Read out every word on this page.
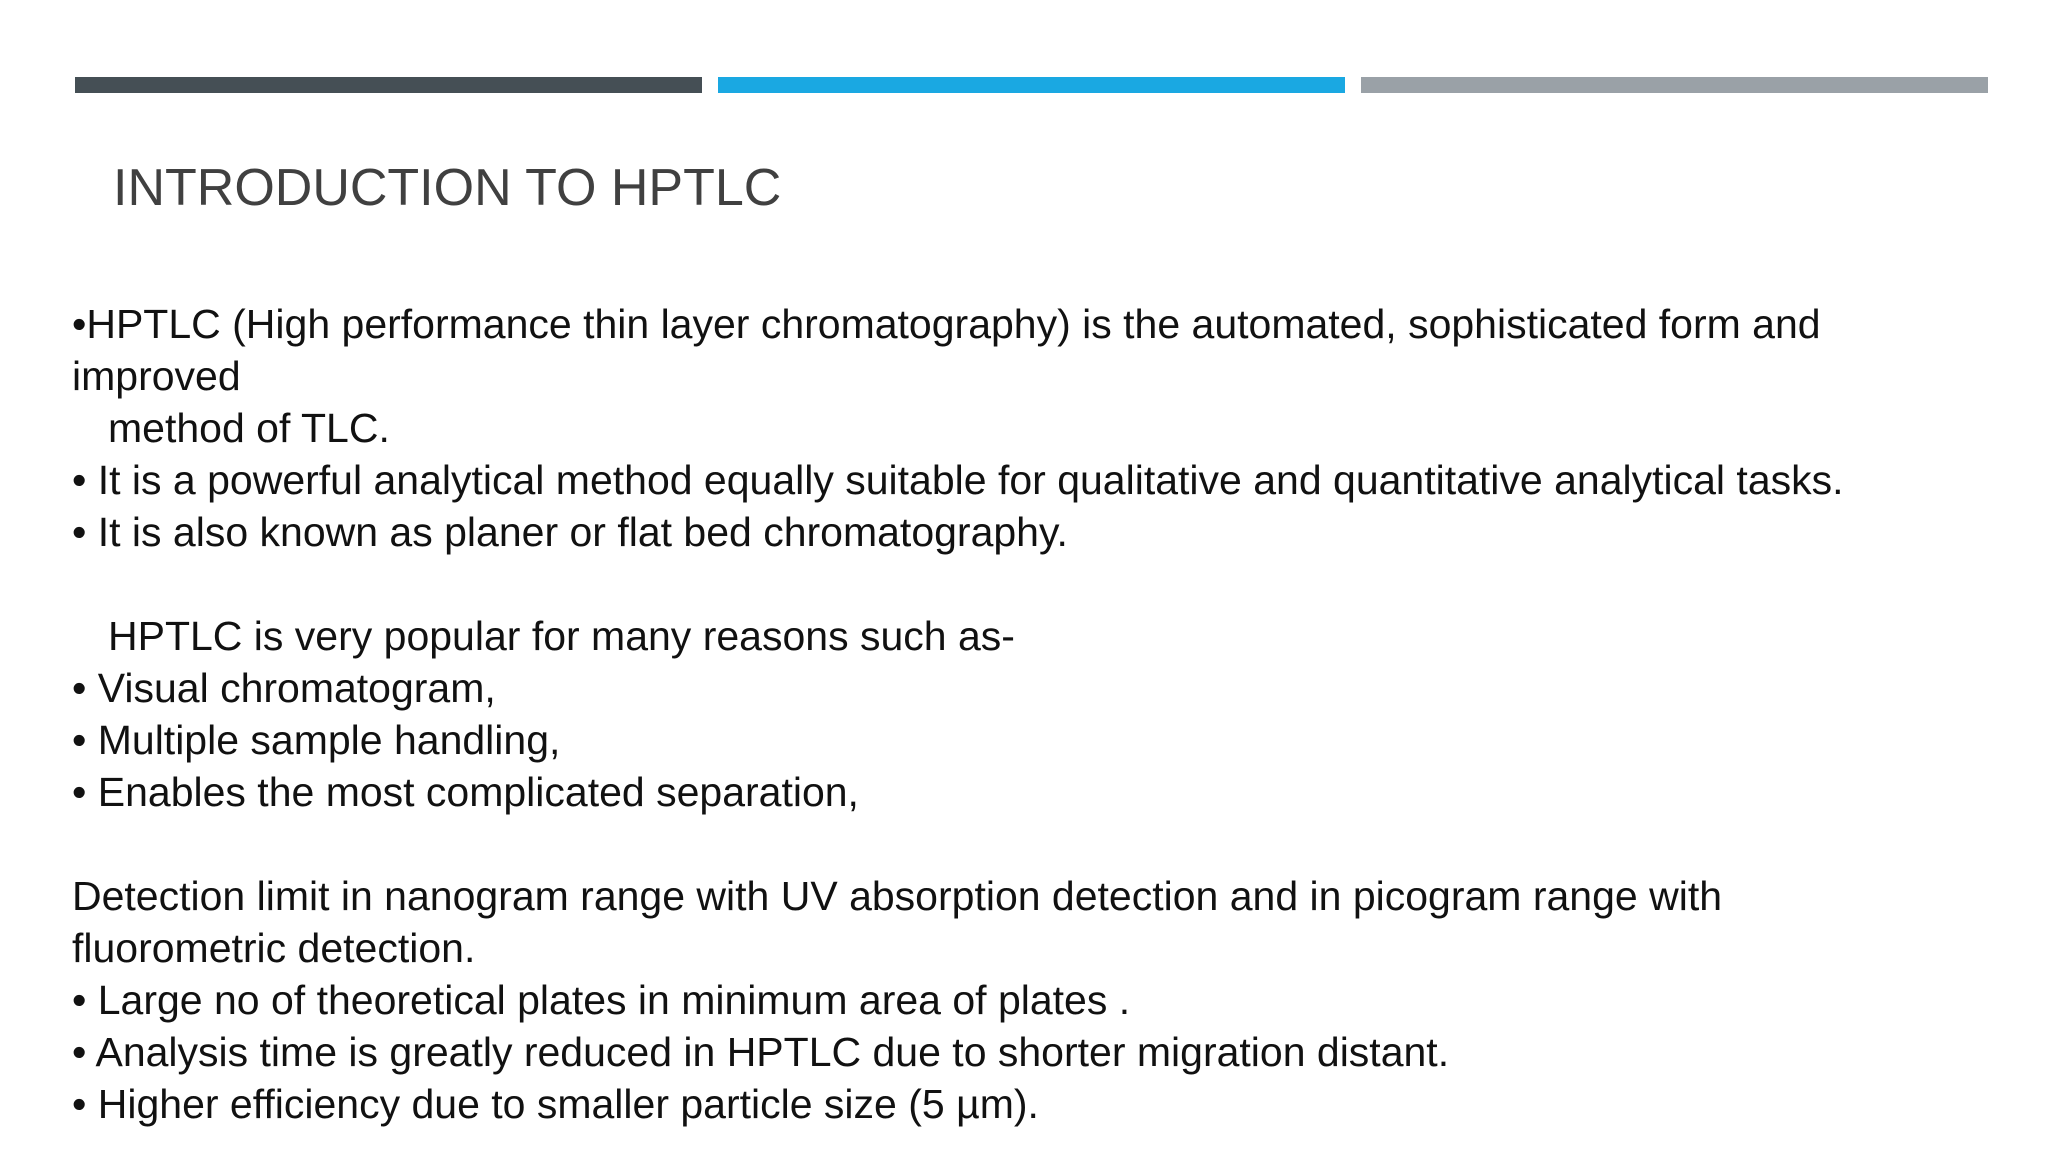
INTRODUCTION TO HPTLC
•HPTLC (High performance thin layer chromatography) is the automated, sophisticated form and
improved
method of TLC.
• It is a powerful analytical method equally suitable for qualitative and quantitative analytical tasks.
• It is also known as planer or flat bed chromatography.
HPTLC is very popular for many reasons such as-
• Visual chromatogram,
• Multiple sample handling,
• Enables the most complicated separation,
Detection limit in nanogram range with UV absorption detection and in picogram range with
fluorometric detection.
• Large no of theoretical plates in minimum area of plates .
• Analysis time is greatly reduced in HPTLC due to shorter migration distant.
• Higher efficiency due to smaller particle size (5 µm).
